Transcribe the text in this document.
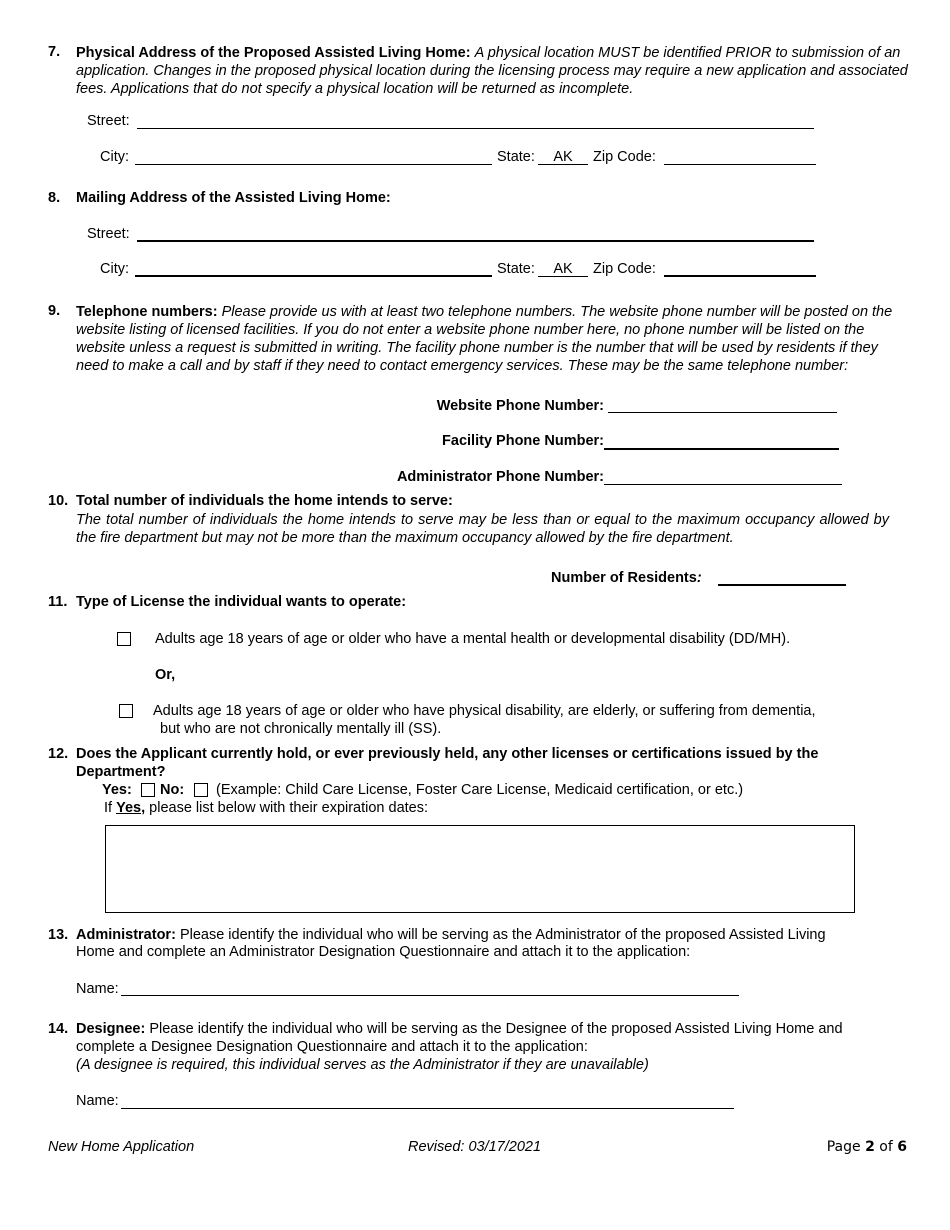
7. Physical Address of the Proposed Assisted Living Home: A physical location MUST be identified PRIOR to submission of an application. Changes in the proposed physical location during the licensing process may require a new application and associated fees. Applications that do not specify a physical location will be returned as incomplete.
Street:
City:	State:	AK	Zip Code:
8. Mailing Address of the Assisted Living Home:
Street:
City:	State:	AK	Zip Code:
9. Telephone numbers: Please provide us with at least two telephone numbers. The website phone number will be posted on the website listing of licensed facilities. If you do not enter a website phone number here, no phone number will be listed on the website unless a request is submitted in writing. The facility phone number is the number that will be used by residents if they need to make a call and by staff if they need to contact emergency services. These may be the same telephone number:
Website Phone Number:
Facility Phone Number:
Administrator Phone Number:
10. Total number of individuals the home intends to serve:
The total number of individuals the home intends to serve may be less than or equal to the maximum occupancy allowed by the fire department but may not be more than the maximum occupancy allowed by the fire department.
Number of Residents:
11. Type of License the individual wants to operate:
Adults age 18 years of age or older who have a mental health or developmental disability (DD/MH).
Or,
Adults age 18 years of age or older who have physical disability, are elderly, or suffering from dementia,
but who are not chronically mentally ill (SS).
12. Does the Applicant currently hold, or ever previously held, any other licenses or certifications issued by the
Department?
Yes: No: (Example: Child Care License, Foster Care License, Medicaid certification, or etc.)
If Yes, please list below with their expiration dates:
13. Administrator: Please identify the individual who will be serving as the Administrator of the proposed Assisted Living
Home and complete an Administrator Designation Questionnaire and attach it to the application:
Name:
14. Designee: Please identify the individual who will be serving as the Designee of the proposed Assisted Living Home and
complete a Designee Designation Questionnaire and attach it to the application:
(A designee is required, this individual serves as the Administrator if they are unavailable)
Name:
New Home Application	Revised: 03/17/2021	Page 2 of 6
